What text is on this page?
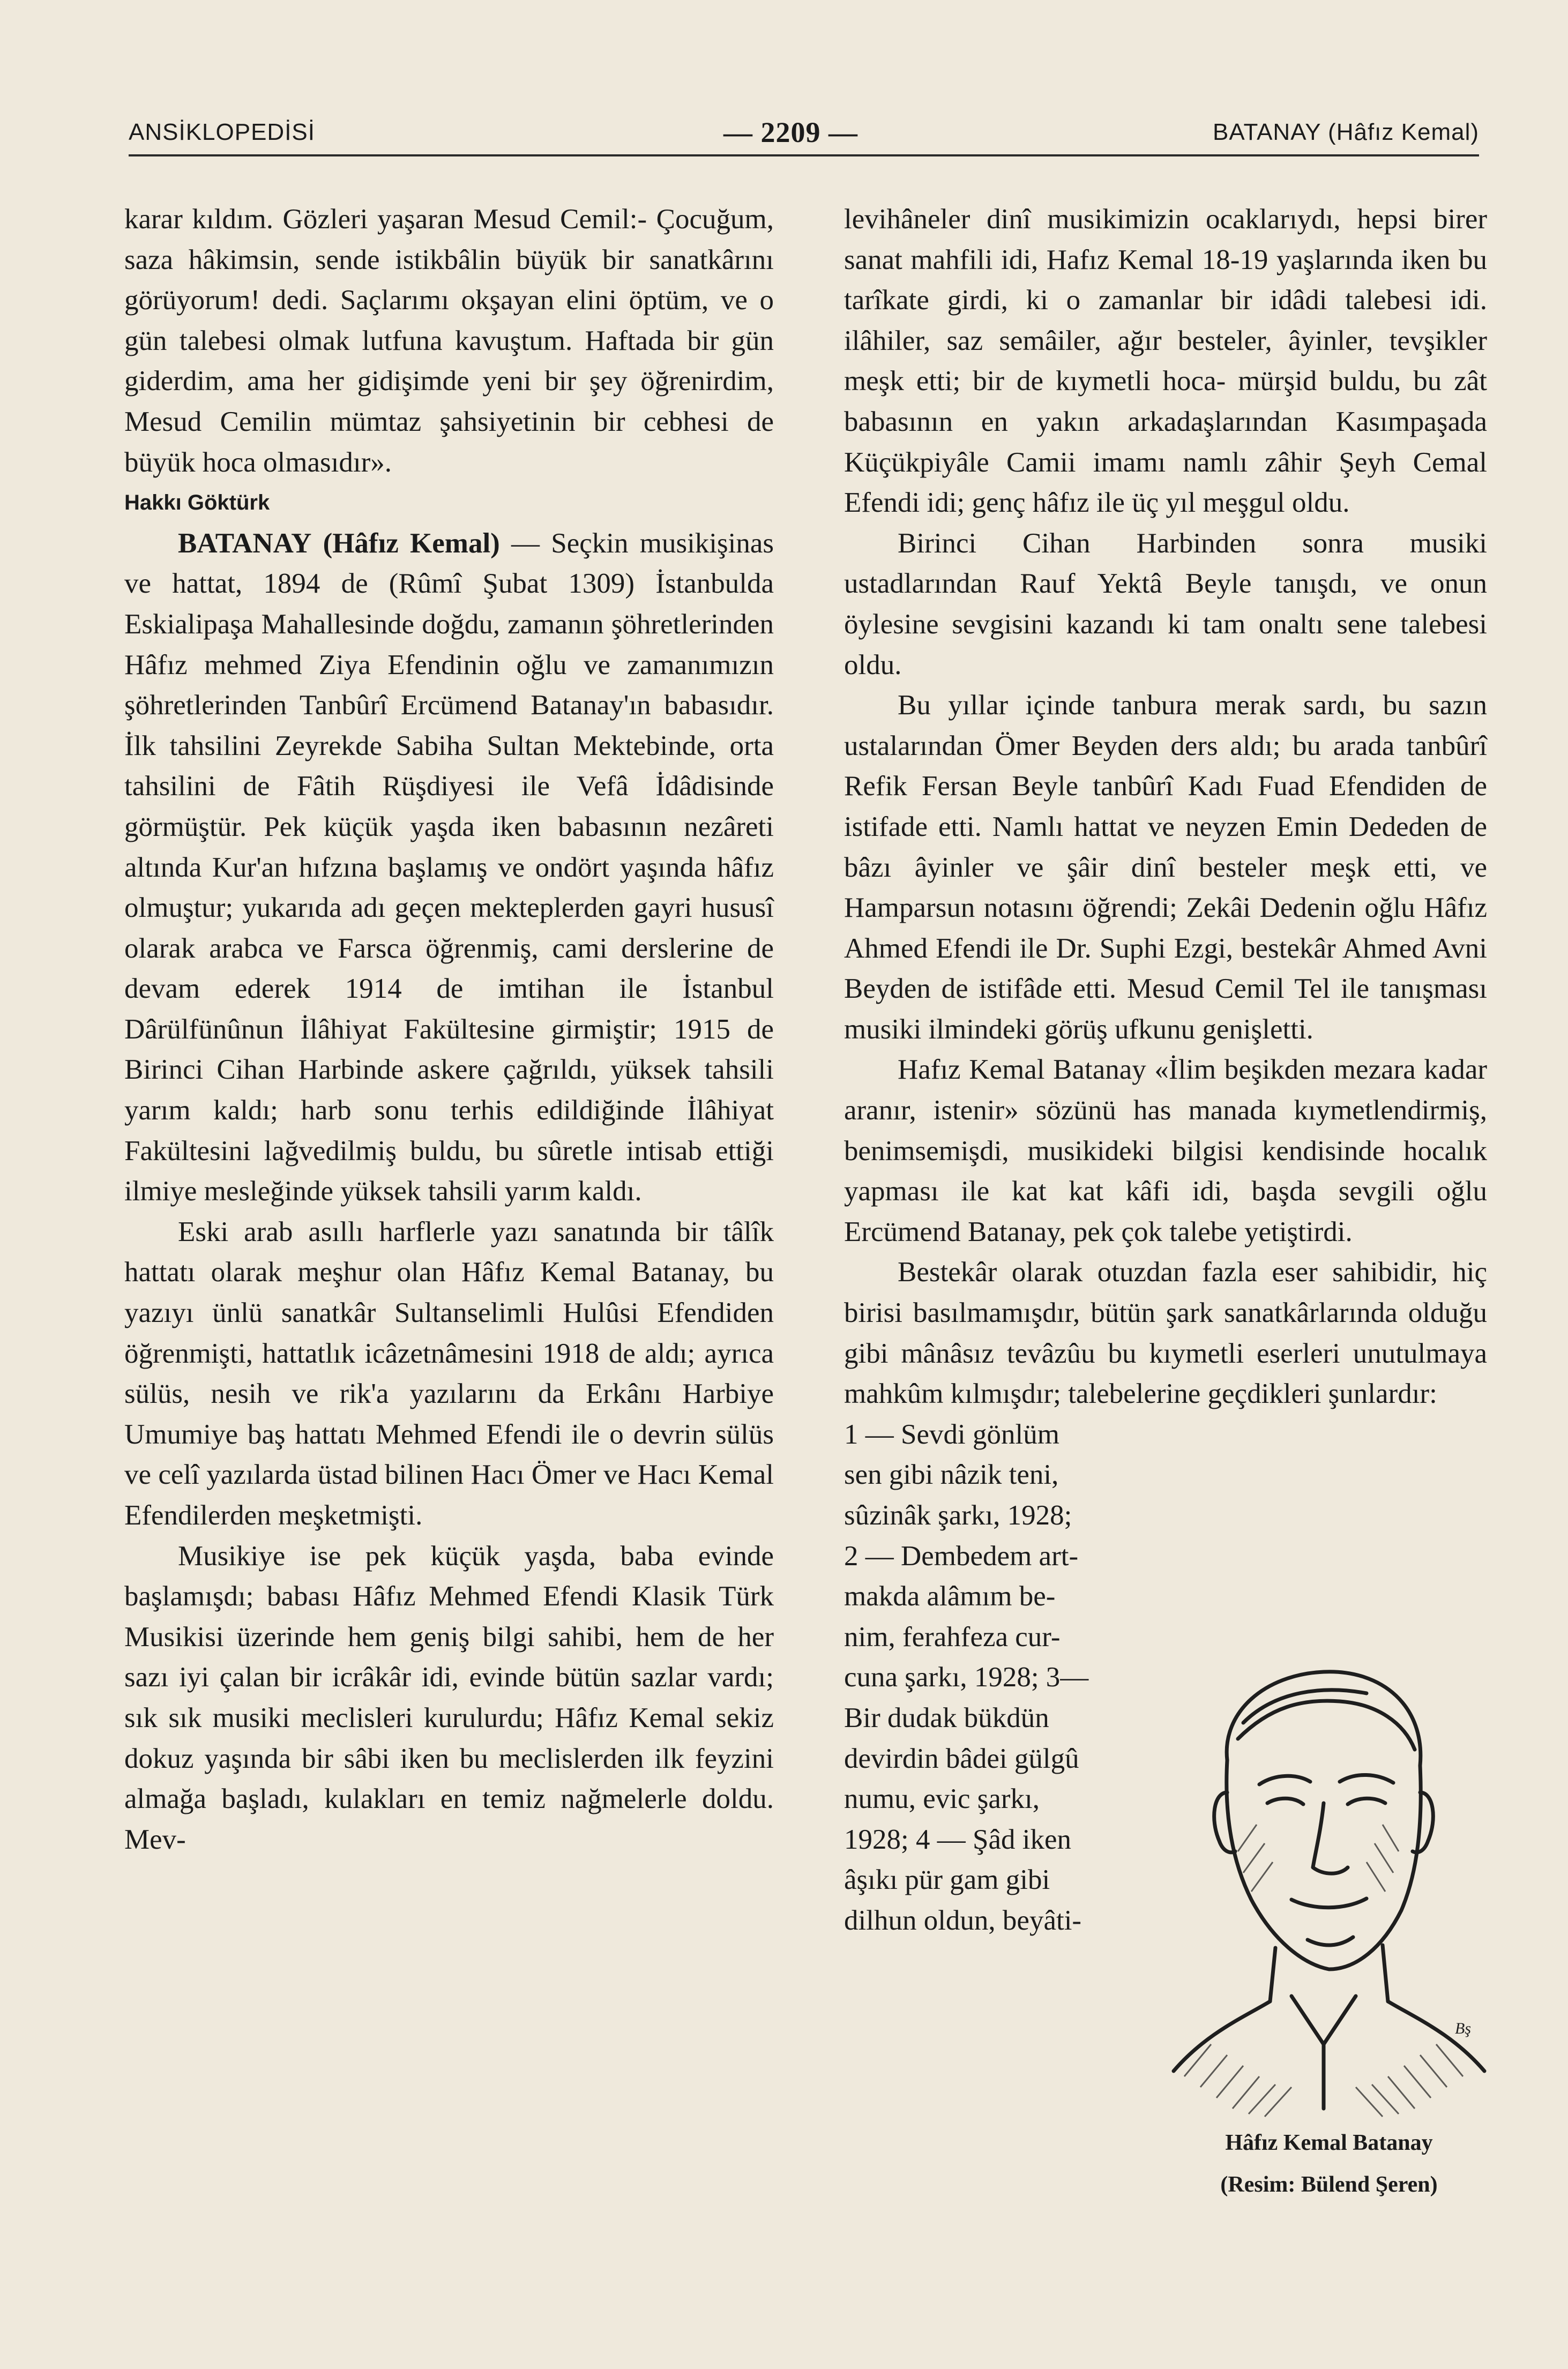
ANSİKLOPEDİSİ	— 2209 —	BATANAY (Hâfız Kemal)

karar kıldım. Gözleri yaşaran Mesud Cemil:- Çocuğum, saza hâkimsin, sende istikbâlin büyük bir sanatkârını görüyorum! dedi. Saçlarımı okşayan elini öptüm, ve o gün talebesi olmak lutfuna kavuştum. Haftada bir gün giderdim, ama her gidişimde yeni bir şey öğrenirdim, Mesud Cemilin mümtaz şahsiyetinin bir cebhesi de büyük hoca olmasıdır».

Hakkı Göktürk

BATANAY (Hâfız Kemal) — Seçkin musikişinas ve hattat, 1894 de (Rûmî Şubat 1309) İstanbulda Eskialipaşa Mahallesinde doğdu, zamanın şöhretlerinden Hâfız mehmed Ziya Efendinin oğlu ve zamanımızın şöhretlerinden Tanbûrî Ercümend Batanay'ın babasıdır. İlk tahsilini Zeyrekde Sabiha Sultan Mektebinde, orta tahsilini de Fâtih Rüşdiyesi ile Vefâ İdâdisinde görmüştür. Pek küçük yaşda iken babasının nezâreti altında Kur'an hıfzına başlamış ve ondört yaşında hâfız olmuştur; yukarıda adı geçen mekteplerden gayri hususî olarak arabca ve Farsca öğrenmiş, cami derslerine de devam ederek 1914 de imtihan ile İstanbul Dârülfünûnun İlâhiyat Fakültesine girmiştir; 1915 de Birinci Cihan Harbinde askere çağrıldı, yüksek tahsili yarım kaldı; harb sonu terhis edildiğinde İlâhiyat Fakültesini lağvedilmiş buldu, bu sûretle intisab ettiği ilmiye mesleğinde yüksek tahsili yarım kaldı.

Eski arab asıllı harflerle yazı sanatında bir tâlîk hattatı olarak meşhur olan Hâfız Kemal Batanay, bu yazıyı ünlü sanatkâr Sultanselimli Hulûsi Efendiden öğrenmişti, hattatlık icâzetnâmesini 1918 de aldı; ayrıca sülüs, nesih ve rik'a yazılarını da Erkânı Harbiye Umumiye baş hattatı Mehmed Efendi ile o devrin sülüs ve celî yazılarda üstad bilinen Hacı Ömer ve Hacı Kemal Efendilerden meşketmişti.

Musikiye ise pek küçük yaşda, baba evinde başlamışdı; babası Hâfız Mehmed Efendi Klasik Türk Musikisi üzerinde hem geniş bilgi sahibi, hem de her sazı iyi çalan bir icrâkâr idi, evinde bütün sazlar vardı; sık sık musiki meclisleri kurulurdu; Hâfız Kemal sekiz dokuz yaşında bir sâbi iken bu meclislerden ilk feyzini almağa başladı, kulakları en temiz nağmelerle doldu. Mev-

levihâneler dinî musikimizin ocaklarıydı, hepsi birer sanat mahfili idi, Hafız Kemal 18-19 yaşlarında iken bu tarîkate girdi, ki o zamanlar bir idâdi talebesi idi. ilâhiler, saz semâiler, ağır besteler, âyinler, tevşikler meşk etti; bir de kıymetli hoca- mürşid buldu, bu zât babasının en yakın arkadaşlarından Kasımpaşada Küçükpiyâle Camii imamı namlı zâhir Şeyh Cemal Efendi idi; genç hâfız ile üç yıl meşgul oldu.

Birinci Cihan Harbinden sonra musiki ustadlarından Rauf Yektâ Beyle tanışdı, ve onun öylesine sevgisini kazandı ki tam onaltı sene talebesi oldu.

Bu yıllar içinde tanbura merak sardı, bu sazın ustalarından Ömer Beyden ders aldı; bu arada tanbûrî Refik Fersan Beyle tanbûrî Kadı Fuad Efendiden de istifade etti. Namlı hattat ve neyzen Emin Dededen de bâzı âyinler ve şâir dinî besteler meşk etti, ve Hamparsun notasını öğrendi; Zekâi Dedenin oğlu Hâfız Ahmed Efendi ile Dr. Suphi Ezgi, bestekâr Ahmed Avni Beyden de istifâde etti. Mesud Cemil Tel ile tanışması musiki ilmindeki görüş ufkunu genişletti.

Hafız Kemal Batanay «İlim beşikden mezara kadar aranır, istenir» sözünü has manada kıymetlendirmiş, benimsemişdi, musikideki bilgisi kendisinde hocalık yapması ile kat kat kâfi idi, başda sevgili oğlu Ercümend Batanay, pek çok talebe yetiştirdi.

Bestekâr olarak otuzdan fazla eser sahibidir, hiç birisi basılmamışdır, bütün şark sanatkârlarında olduğu gibi mânâsız tevâzûu bu kıymetli eserleri unutulmaya mahkûm kılmışdır; talebelerine geçdikleri şunlardır:

1 — Sevdi gönlüm

sen gibi nâzik teni,

sûzinâk şarkı, 1928;

2 — Dembedem art-

makda alâmım be-

nim, ferahfeza cur-

cuna şarkı, 1928; 3—

Bir dudak bükdün

devirdin bâdei gülgû

numu, evic şarkı,

1928; 4 — Şâd iken

âşıkı pür gam gibi

dilhun oldun, beyâti-

Bş
Hâfız Kemal Batanay
(Resim: Bülend Şeren)
